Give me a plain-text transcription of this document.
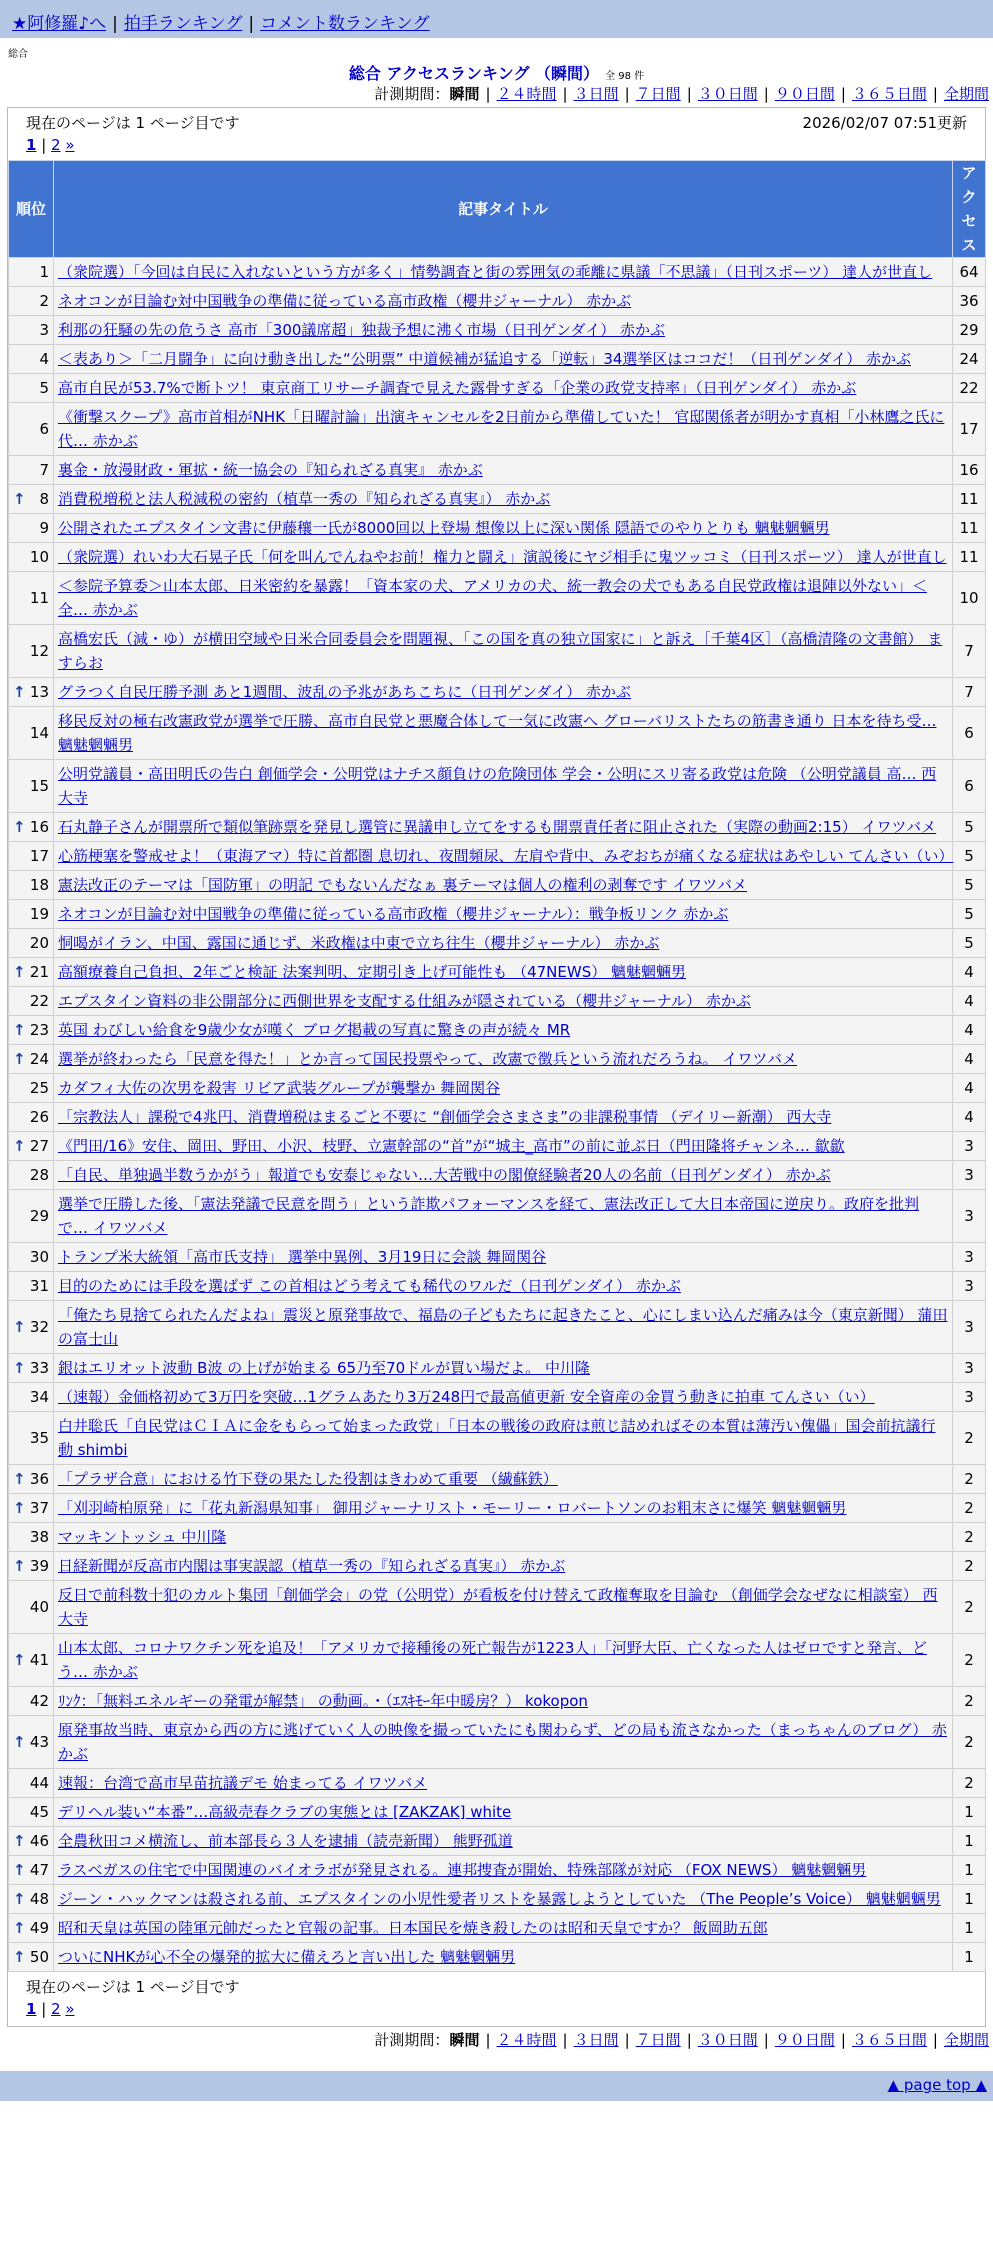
★阿修羅♪へ | 拍手ランキング | コメント数ランキング
総合
総合 アクセスランキング （瞬間） 全 98 件
計測期間：瞬間 | ２４時間 | ３日間 | ７日間 | ３０日間 | ９０日間 | ３６５日間 | 全期間
現在のページは 1 ページ目です	2026/02/07 07:51更新
1 | 2 »
順位	記事タイトル	アクセス
1	（衆院選）「今回は自民に入れないという方が多く」情勢調査と街の雰囲気の乖離に県議「不思議」（日刊スポーツ） 達人が世直し	64
2	ネオコンが目論む対中国戦争の準備に従っている高市政権（櫻井ジャーナル） 赤かぶ	36
3	利那の狂騒の先の危うさ 高市「300議席超」独裁予想に沸く市場（日刊ゲンダイ） 赤かぶ	29
4	＜表あり＞「二月闘争」に向け動き出した“公明票” 中道候補が猛追する「逆転」34選挙区はココだ！（日刊ゲンダイ） 赤かぶ	24
5	高市自民が53.7%で断トツ！ 東京商工リサーチ調査で見えた露骨すぎる「企業の政党支持率」（日刊ゲンダイ） 赤かぶ	22
6	《衝撃スクープ》高市首相がNHK「日曜討論」出演キャンセルを2日前から準備していた！ 官邸関係者が明かす真相「小林鷹之氏に代… 赤かぶ	17
7	裏金・放漫財政・軍拡・統一協会の『知られざる真実』 赤かぶ	16

↑ 8	消費税増税と法人税減税の密約（植草一秀の『知られざる真実』） 赤かぶ	11
9	公開されたエプスタイン文書に伊藤穰一氏が8000回以上登場 想像以上に深い関係 隠語でのやりとりも 魑魅魍魎男	11
10	（衆院選）れいわ大石晃子氏「何を叫んでんねやお前！権力と闘え」演説後にヤジ相手に鬼ツッコミ（日刊スポーツ） 達人が世直し	11
11	＜参院予算委＞山本太郎、日米密約を暴露！「資本家の犬、アメリカの犬、統一教会の犬でもある自民党政権は退陣以外ない」＜全… 赤かぶ	10
12	高橋宏氏（減・ゆ）が横田空域や日米合同委員会を問題視、「この国を真の独立国家に」と訴え［千葉4区］（高橋清隆の文書館） ますらお	7

↑ 13	グラつく自民圧勝予測 あと1週間、波乱の予兆があちこちに（日刊ゲンダイ） 赤かぶ	7
14	移民反対の極右改憲政党が選挙で圧勝、高市自民党と悪魔合体して一気に改憲へ グローバリストたちの筋書き通り 日本を待ち受… 魑魅魍魎男	6
15	公明党議員・高田明氏の告白 創価学会・公明党はナチス顔負けの危険団体 学会・公明にスリ寄る政党は危険 （公明党議員 高… 西大寺	6

↑ 16	石丸静子さんが開票所で類似筆跡票を発見し選管に異議申し立てをするも開票責任者に阻止された（実際の動画2:15） イワツバメ	5
17	心筋梗塞を警戒せよ！（東海アマ）特に首都圏 息切れ、夜間頻尿、左肩や背中、みぞおちが痛くなる症状はあやしい てんさい（い）	5
18	憲法改正のテーマは「国防軍」の明記 でもないんだなぁ 裏テーマは個人の権利の剥奪です イワツバメ	5
19	ネオコンが目論む対中国戦争の準備に従っている高市政権（櫻井ジャーナル）：戦争板リンク 赤かぶ	5
20	恫喝がイラン、中国、露国に通じず、米政権は中東で立ち往生（櫻井ジャーナル） 赤かぶ	5

↑ 21	高額療養自己負担、2年ごと検証 法案判明、定期引き上げ可能性も （47NEWS） 魑魅魍魎男	4
22	エプスタイン資料の非公開部分に西側世界を支配する仕組みが隠されている（櫻井ジャーナル） 赤かぶ	4

↑ 23	英国 わびしい給食を9歳少女が嘆く ブログ掲載の写真に驚きの声が続々 MR	4

↑ 24	選挙が終わったら「民意を得た！」とか言って国民投票やって、改憲で徴兵という流れだろうね。 イワツバメ	4
25	カダフィ大佐の次男を殺害 リビア武装グループが襲撃か 舞岡関谷	4
26	「宗教法人」課税で4兆円、消費増税はまるごと不要に “創価学会さまさま”の非課税事情 （デイリー新潮） 西大寺	4

↑ 27	《門田/16》安住、岡田、野田、小沢、枝野、立憲幹部の“首”が“城主_高市”の前に並ぶ日（門田隆将チャンネ… 歙歙	3
28	「自民、単独過半数うかがう」報道でも安泰じゃない…大苦戦中の閣僚経験者20人の名前（日刊ゲンダイ） 赤かぶ	3
29	選挙で圧勝した後、「憲法発議で民意を問う」という詐欺パフォーマンスを経て、憲法改正して大日本帝国に逆戻り。政府を批判で… イワツバメ	3
30	トランプ米大統領「高市氏支持」 選挙中異例、3月19日に会談 舞岡関谷	3
31	目的のためには手段を選ばず この首相はどう考えても稀代のワルだ（日刊ゲンダイ） 赤かぶ	3

↑ 32	「俺たち見捨てられたんだよね」震災と原発事故で、福島の子どもたちに起きたこと、心にしまい込んだ痛みは今（東京新聞） 蒲田の富士山	3

↑ 33	銀はエリオット波動 B波 の上げが始まる 65乃至70ドルが買い場だよ。 中川隆	3
34	（速報）金価格初めて3万円を突破…1グラムあたり3万248円で最高値更新 安全資産の金買う動きに拍車 てんさい（い）	3
35	白井聡氏「自民党はＣＩＡに金をもらって始まった政党」「日本の戦後の政府は煎じ詰めればその本質は薄汚い傀儡」国会前抗議行動 shimbi	2

↑ 36	「プラザ合意」における竹下登の果たした役割はきわめて重要 （繊蘇鉄）	2

↑ 37	「刈羽崎柏原発」に「花丸新潟県知事」 御用ジャーナリスト・モーリー・ロバートソンのお粗末さに爆笑 魑魅魍魎男	2
38	マッキントッシュ 中川隆	2

↑ 39	日経新聞が反高市内閣は事実誤認（植草一秀の『知られざる真実』） 赤かぶ	2
40	反日で前科数十犯のカルト集団「創価学会」の党（公明党）が看板を付け替えて政権奪取を目論む （創価学会なぜなに相談室） 西大寺	2

↑ 41	山本太郎、コロナワクチン死を追及！「アメリカで接種後の死亡報告が1223人」「河野大臣、亡くなった人はゼロですと発言、どう… 赤かぶ	2
42	ﾘﾝｸ：「無料エネルギーの発電が解禁」 の動画。・（ｴｽｷﾓｰ年中暖房？） kokopon	2

↑ 43	原発事故当時、東京から西の方に逃げていく人の映像を撮っていたにも関わらず、どの局も流さなかった（まっちゃんのブログ） 赤かぶ	2
44	速報：台湾で高市早苗抗議デモ 始まってる イワツバメ	2
45	デリヘル装い“本番”…高級売春クラブの実態とは [ZAKZAK] white	1

↑ 46	全農秋田コメ横流し、前本部長ら３人を逮捕（読売新聞） 熊野孤道	1

↑ 47	ラスベガスの住宅で中国関連のバイオラボが発見される。連邦捜査が開始、特殊部隊が対応 （FOX NEWS） 魑魅魍魎男	1

↑ 48	ジーン・ハックマンは殺される前、エプスタインの小児性愛者リストを暴露しようとしていた （The People’s Voice） 魑魅魍魎男	1

↑ 49	昭和天皇は英国の陸軍元帥だったと官報の記事。日本国民を焼き殺したのは昭和天皇ですか？ 飯岡助五郎	1

↑ 50	ついにNHKが心不全の爆発的拡大に備えろと言い出した 魑魅魍魎男	1
現在のページは 1 ページ目です
1 | 2 »
計測期間：瞬間 | ２４時間 | ３日間 | ７日間 | ３０日間 | ９０日間 | ３６５日間 | 全期間
▲ page top ▲
